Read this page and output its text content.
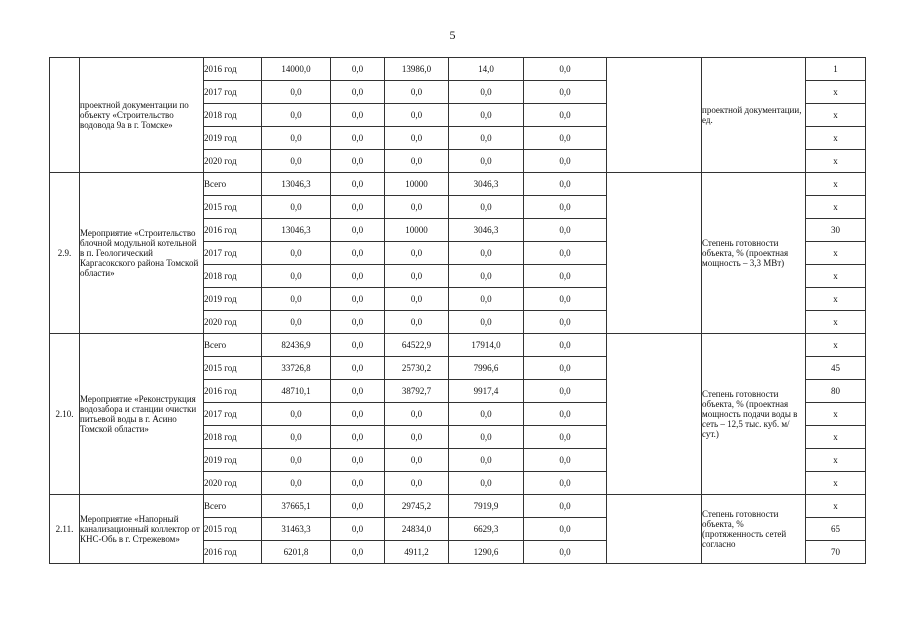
5
	проектной документации по объекту «Строительство водовода 9а в г. Томске»	2016 год	14000,0	0,0	13986,0	14,0	0,0		проектной документации, ед.	1
		2017 год	0,0	0,0	0,0	0,0	0,0			х
		2018 год	0,0	0,0	0,0	0,0	0,0			х
		2019 год	0,0	0,0	0,0	0,0	0,0			х
		2020 год	0,0	0,0	0,0	0,0	0,0			х
2.9.	Мероприятие «Строительство блочной модульной котельной в п. Геологический Каргасокского района Томской области»	Всего	13046,3	0,0	10000	3046,3	0,0		Степень готовности объекта, % (проектная мощность – 3,3 МВт)	х
		2015 год	0,0	0,0	0,0	0,0	0,0			х
		2016 год	13046,3	0,0	10000	3046,3	0,0			30
		2017 год	0,0	0,0	0,0	0,0	0,0			х
		2018 год	0,0	0,0	0,0	0,0	0,0			х
		2019 год	0,0	0,0	0,0	0,0	0,0			х
		2020 год	0,0	0,0	0,0	0,0	0,0			х
2.10.	Мероприятие «Реконструкция водозабора и станции очистки питьевой воды в г. Асино Томской области»	Всего	82436,9	0,0	64522,9	17914,0	0,0		Степень готовности объекта, % (проектная мощность подачи воды в сеть – 12,5 тыс. куб. м/сут.)	х
		2015 год	33726,8	0,0	25730,2	7996,6	0,0			45
		2016 год	48710,1	0,0	38792,7	9917,4	0,0			80
		2017 год	0,0	0,0	0,0	0,0	0,0			х
		2018 год	0,0	0,0	0,0	0,0	0,0			х
		2019 год	0,0	0,0	0,0	0,0	0,0			х
		2020 год	0,0	0,0	0,0	0,0	0,0			х
2.11.	Мероприятие «Напорный канализационный коллектор от КНС-Обь в г. Стрежевом»	Всего	37665,1	0,0	29745,2	7919,9	0,0		Степень готовности объекта, % (протяженность сетей согласно	х
		2015 год	31463,3	0,0	24834,0	6629,3	0,0			65
		2016 год	6201,8	0,0	4911,2	1290,6	0,0			70
